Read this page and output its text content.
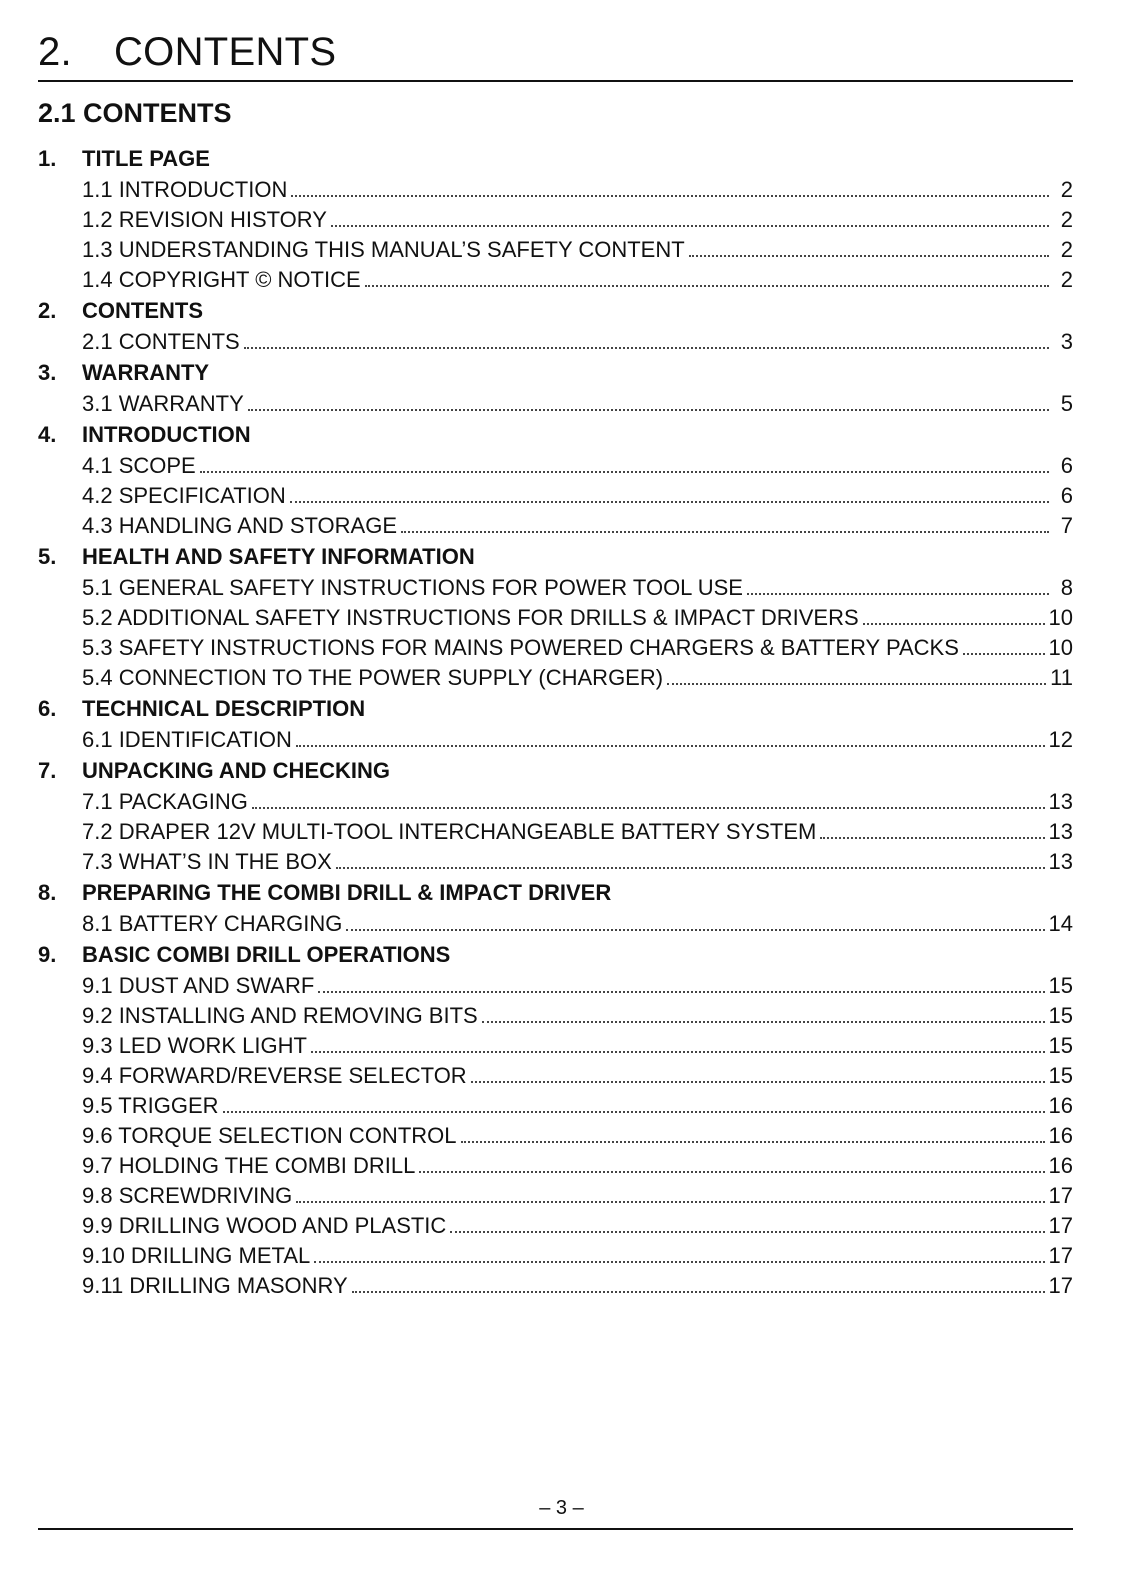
2. CONTENTS
2.1 CONTENTS
1.	TITLE PAGE
1.1 INTRODUCTION	2
1.2 REVISION HISTORY	2
1.3 UNDERSTANDING THIS MANUAL’S SAFETY CONTENT	2
1.4 COPYRIGHT © NOTICE	2
2.	CONTENTS
2.1 CONTENTS	3
3.	WARRANTY
3.1 WARRANTY	5
4.	INTRODUCTION
4.1 SCOPE	6
4.2 SPECIFICATION	6
4.3 HANDLING AND STORAGE	7
5.	HEALTH AND SAFETY INFORMATION
5.1 GENERAL SAFETY INSTRUCTIONS FOR POWER TOOL USE	8
5.2 ADDITIONAL SAFETY INSTRUCTIONS FOR DRILLS & IMPACT DRIVERS	10
5.3 SAFETY INSTRUCTIONS FOR MAINS POWERED CHARGERS & BATTERY PACKS	10
5.4 CONNECTION TO THE POWER SUPPLY (CHARGER)	11
6.	TECHNICAL DESCRIPTION
6.1 IDENTIFICATION	12
7.	UNPACKING AND CHECKING
7.1 PACKAGING	13
7.2 DRAPER 12V MULTI-TOOL INTERCHANGEABLE BATTERY SYSTEM	13
7.3 WHAT’S IN THE BOX	13
8.	PREPARING THE COMBI DRILL & IMPACT DRIVER
8.1 BATTERY CHARGING	14
9.	BASIC COMBI DRILL OPERATIONS
9.1 DUST AND SWARF	15
9.2 INSTALLING AND REMOVING BITS	15
9.3 LED WORK LIGHT	15
9.4 FORWARD/REVERSE SELECTOR	15
9.5 TRIGGER	16
9.6 TORQUE SELECTION CONTROL	16
9.7 HOLDING THE COMBI DRILL	16
9.8 SCREWDRIVING	17
9.9 DRILLING WOOD AND PLASTIC	17
9.10 DRILLING METAL	17
9.11 DRILLING MASONRY	17
– 3 –
